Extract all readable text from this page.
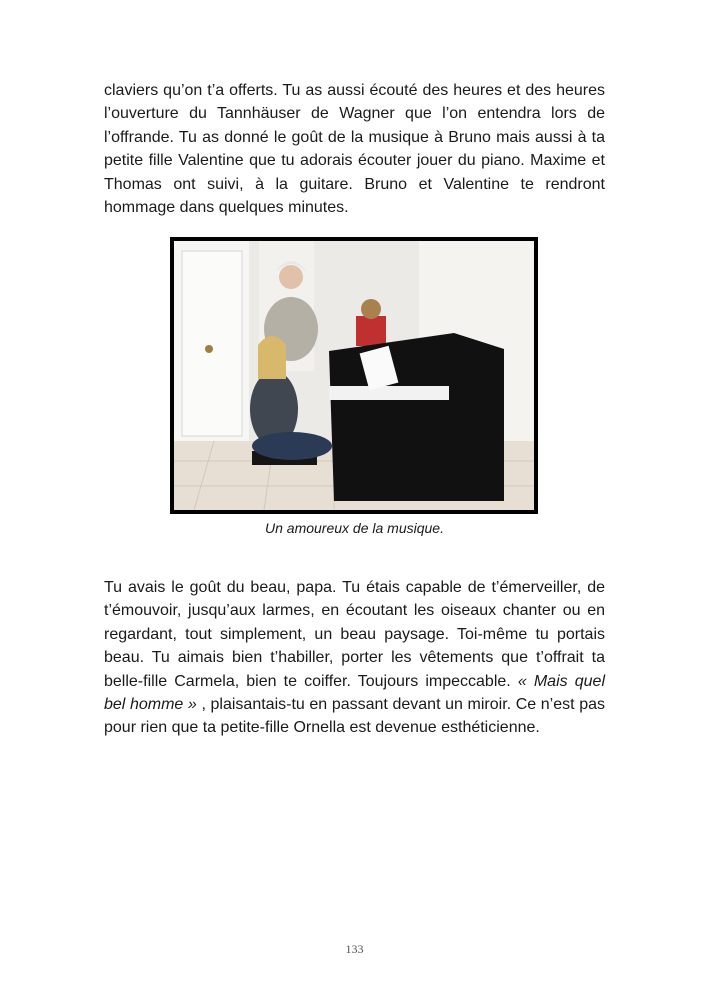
claviers qu’on t’a offerts. Tu as aussi écouté des heures et des heures l’ouverture du Tannhäuser de Wagner que l’on entendra lors de l’offrande. Tu as donné le goût de la musique à Bruno mais aussi à ta petite fille Valentine que tu adorais écouter jouer du piano. Maxime et Thomas ont suivi, à la guitare. Bruno et Valentine te rendront hommage dans quelques minutes.

Un amoureux de la musique.

Tu avais le goût du beau, papa. Tu étais capable de t’émerveiller, de t’émouvoir, jusqu’aux larmes, en écoutant les oiseaux chanter ou en regardant, tout simplement, un beau paysage. Toi-même tu portais beau. Tu aimais bien t’habiller, porter les vêtements que t’offrait ta belle-fille Carmela, bien te coiffer. Toujours impeccable. « Mais quel bel homme » , plaisantais-tu en passant devant un miroir. Ce n’est pas pour rien que ta petite-fille Ornella est devenue esthéticienne.

133
